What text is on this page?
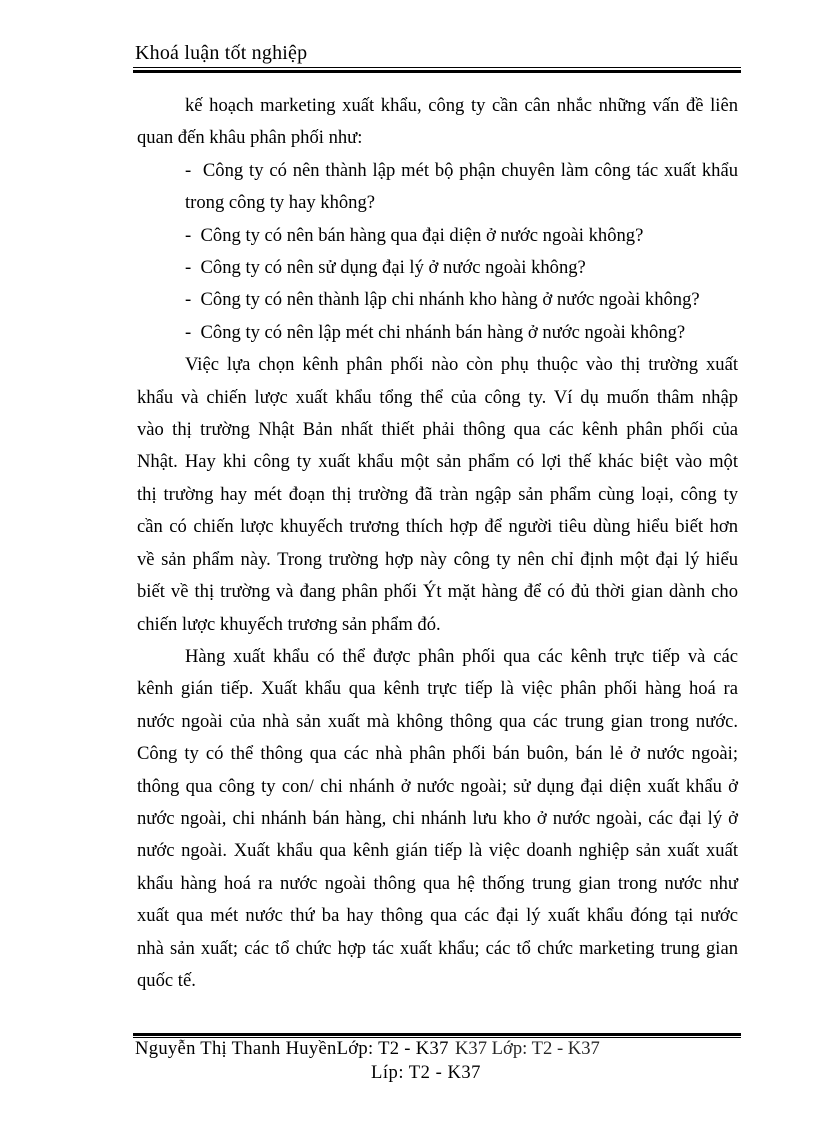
Khoá luận tốt nghiệp
kế hoạch marketing xuất khẩu, công ty cần cân nhắc những vấn đề liên
quan đến khâu phân phối như:
- Công ty có nên thành lập mét bộ phận chuyên làm công tác xuất khẩu
trong công ty hay không?
- Công ty có nên bán hàng qua đại diện ở nước ngoài không?
- Công ty có nên sử dụng đại lý ở nước ngoài không?
- Công ty có nên thành lập chi nhánh kho hàng ở nước ngoài không?
- Công ty có nên lập mét chi nhánh bán hàng ở nước ngoài không?
Việc lựa chọn kênh phân phối nào còn phụ thuộc vào thị trường xuất
khẩu và chiến lược xuất khẩu tổng thể của công ty. Ví dụ muốn thâm nhập
vào thị trường Nhật Bản nhất thiết phải thông qua các kênh phân phối của
Nhật. Hay khi công ty xuất khẩu một sản phẩm có lợi thế khác biệt vào một
thị trường hay mét đoạn thị trường đã tràn ngập sản phẩm cùng loại, công ty
cần có chiến lược khuyếch trương thích hợp để người tiêu dùng hiểu biết hơn
về sản phẩm này. Trong trường hợp này công ty nên chỉ định một đại lý hiểu
biết về thị trường và đang phân phối Ýt mặt hàng để có đủ thời gian dành cho
chiến lược khuyếch trương sản phẩm đó.
Hàng xuất khẩu có thể được phân phối qua các kênh trực tiếp và các
kênh gián tiếp. Xuất khẩu qua kênh trực tiếp là việc phân phối hàng hoá ra
nước ngoài của nhà sản xuất mà không thông qua các trung gian trong nước.
Công ty có thể thông qua các nhà phân phối bán buôn, bán lẻ ở nước ngoài;
thông qua công ty con/ chi nhánh ở nước ngoài; sử dụng đại diện xuất khẩu ở
nước ngoài, chi nhánh bán hàng, chi nhánh lưu kho ở nước ngoài, các đại lý ở
nước ngoài. Xuất khẩu qua kênh gián tiếp là việc doanh nghiệp sản xuất xuất
khẩu hàng hoá ra nước ngoài thông qua hệ thống trung gian trong nước như
xuất qua mét nước thứ ba hay thông qua các đại lý xuất khẩu đóng tại nước
nhà sản xuất; các tổ chức hợp tác xuất khẩu; các tổ chức marketing trung gian
quốc tế.
Nguyễn Thị Thanh HuyềnLớp: T2 - K37 K37 Lớp: T2 - K37
Líp: T2 - K37
